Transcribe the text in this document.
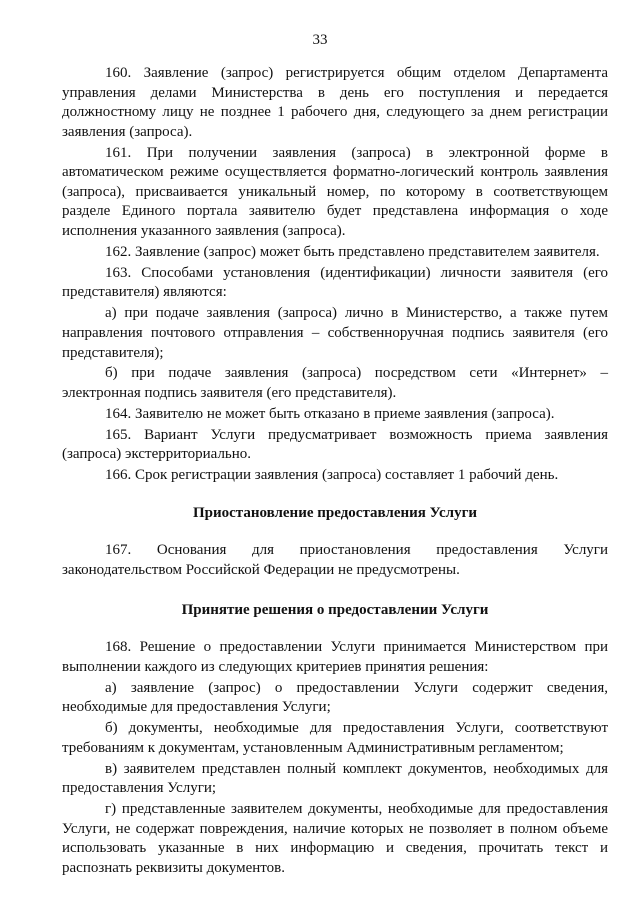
33

160. Заявление (запрос) регистрируется общим отделом Департамента управления делами Министерства в день его поступления и передается должностному лицу не позднее 1 рабочего дня, следующего за днем регистрации заявления (запроса).

161. При получении заявления (запроса) в электронной форме в автоматическом режиме осуществляется форматно-логический контроль заявления (запроса), присваивается уникальный номер, по которому в соответствующем разделе Единого портала заявителю будет представлена информация о ходе исполнения указанного заявления (запроса).

162. Заявление (запрос) может быть представлено представителем заявителя.

163. Способами установления (идентификации) личности заявителя (его представителя) являются:

а) при подаче заявления (запроса) лично в Министерство, а также путем направления почтового отправления – собственноручная подпись заявителя (его представителя);

б) при подаче заявления (запроса) посредством сети «Интернет» – электронная подпись заявителя (его представителя).

164. Заявителю не может быть отказано в приеме заявления (запроса).

165. Вариант Услуги предусматривает возможность приема заявления (запроса) экстерриториально.

166. Срок регистрации заявления (запроса) составляет 1 рабочий день.

Приостановление предоставления Услуги

167. Основания для приостановления предоставления Услуги законодательством Российской Федерации не предусмотрены.

Принятие решения о предоставлении Услуги

168. Решение о предоставлении Услуги принимается Министерством при выполнении каждого из следующих критериев принятия решения:

а) заявление (запрос) о предоставлении Услуги содержит сведения, необходимые для предоставления Услуги;

б) документы, необходимые для предоставления Услуги, соответствуют требованиям к документам, установленным Административным регламентом;

в) заявителем представлен полный комплект документов, необходимых для предоставления Услуги;

г) представленные заявителем документы, необходимые для предоставления Услуги, не содержат повреждения, наличие которых не позволяет в полном объеме использовать указанные в них информацию и сведения, прочитать текст и распознать реквизиты документов.
